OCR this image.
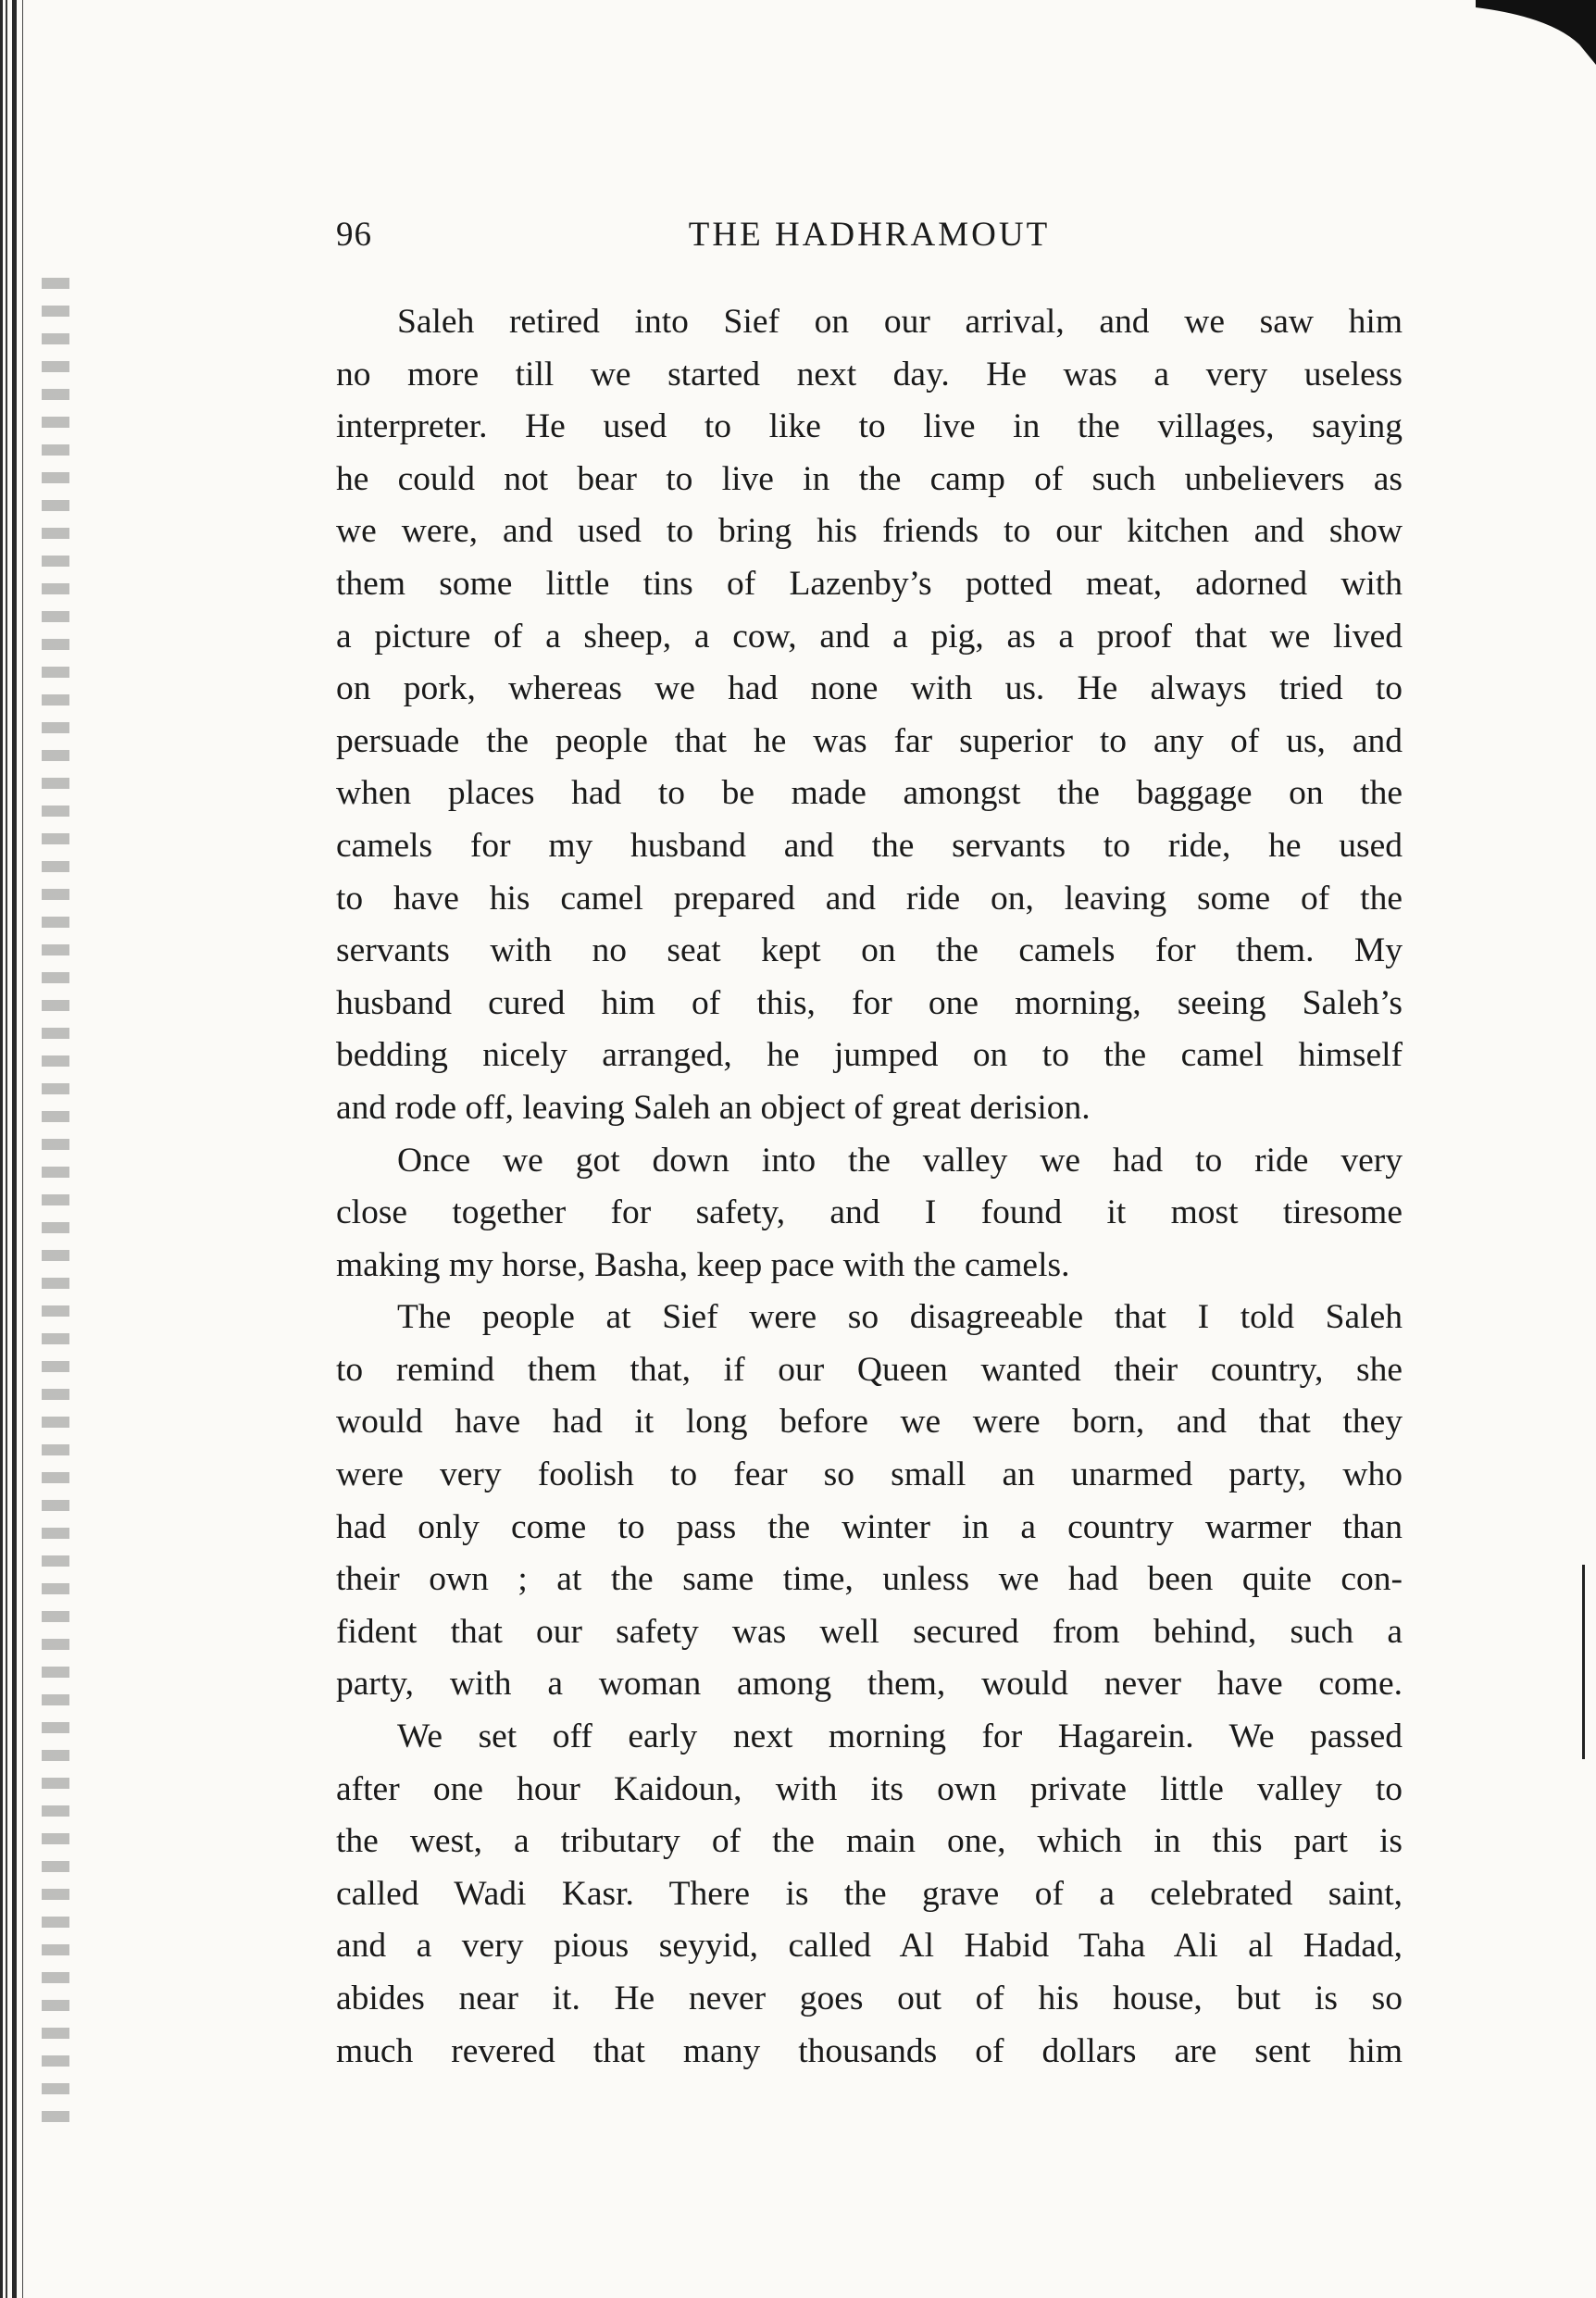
96	THE HADHRAMOUT
Saleh retired into Sief on our arrival, and we saw him
no more till we started next day. He was a very useless
interpreter. He used to like to live in the villages, saying
he could not bear to live in the camp of such unbelievers as
we were, and used to bring his friends to our kitchen and show
them some little tins of Lazenby’s potted meat, adorned with
a picture of a sheep, a cow, and a pig, as a proof that we lived
on pork, whereas we had none with us. He always tried to
persuade the people that he was far superior to any of us, and
when places had to be made amongst the baggage on the
camels for my husband and the servants to ride, he used
to have his camel prepared and ride on, leaving some of the
servants with no seat kept on the camels for them. My
husband cured him of this, for one morning, seeing Saleh’s
bedding nicely arranged, he jumped on to the camel himself
and rode off, leaving Saleh an object of great derision.
Once we got down into the valley we had to ride very
close together for safety, and I found it most tiresome
making my horse, Basha, keep pace with the camels.
The people at Sief were so disagreeable that I told Saleh
to remind them that, if our Queen wanted their country, she
would have had it long before we were born, and that they
were very foolish to fear so small an unarmed party, who
had only come to pass the winter in a country warmer than
their own ; at the same time, unless we had been quite con-
fident that our safety was well secured from behind, such a
party, with a woman among them, would never have come.
We set off early next morning for Hagarein. We passed
after one hour Kaidoun, with its own private little valley to
the west, a tributary of the main one, which in this part is
called Wadi Kasr. There is the grave of a celebrated saint,
and a very pious seyyid, called Al Habid Taha Ali al Hadad,
abides near it. He never goes out of his house, but is so
much revered that many thousands of dollars are sent him
